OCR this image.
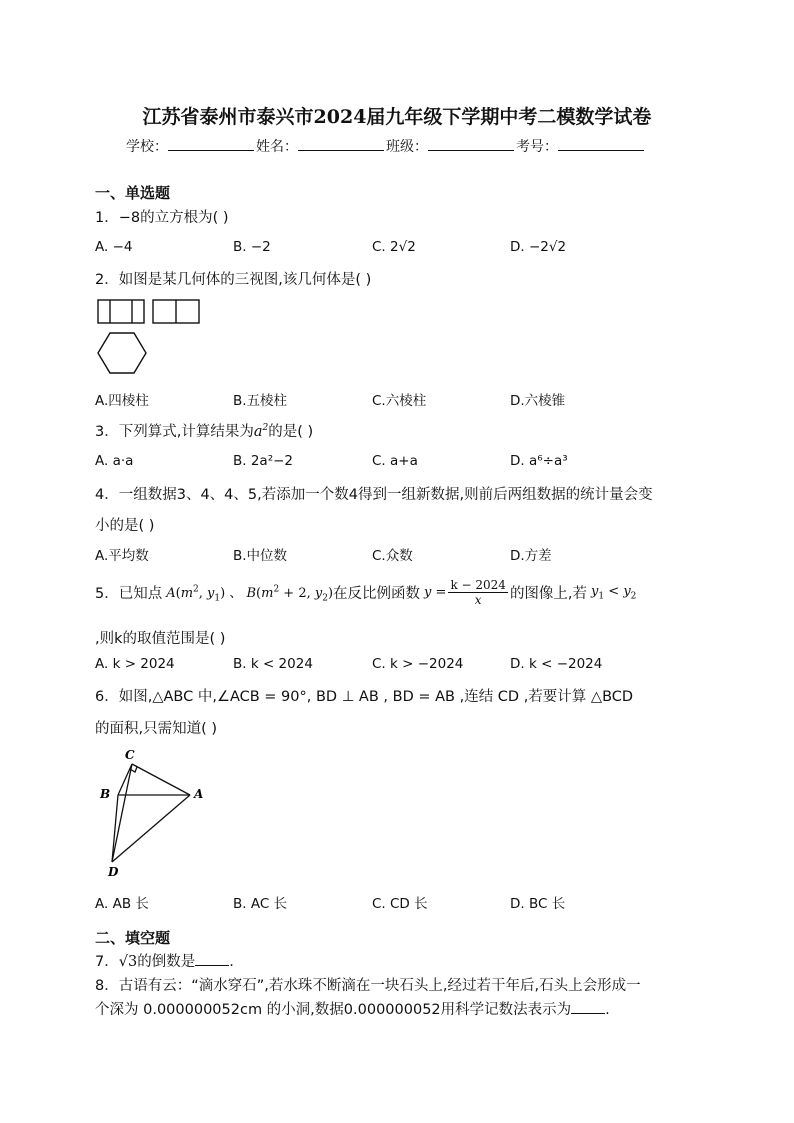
江苏省泰州市泰兴市2024届九年级下学期中考二模数学试卷
学校：	姓名：	班级：	考号：
一、单选题
1．−8的立方根为( )
A. −4	B. −2	C. 2√2	D. −2√2
2．如图是某几何体的三视图,该几何体是( )
A.四棱柱	B.五棱柱	C.六棱柱	D.六棱锥
3．下列算式,计算结果为$a^2$的是( )
A. a·a	B. 2a²−2	C. a+a	D. a⁶÷a³
4．一组数据3、4、4、5,若添加一个数4得到一组新数据,则前后两组数据的统计量会变
小的是( )
A.平均数	B.中位数	C.众数	D.方差
5． 已知点 $A(m^2$, $y_1$) 、 $B(m^2 + 2$, $y_2$) 在反比例函数 $y = \frac{k - 2024}{x}$ 的图像上,若 $y_1 < y_2$
,则k的取值范围是( )
A. k > 2024	B. k < 2024	C. k > −2024	D. k < −2024
6．如图,△ABC 中,∠ACB = 90°, BD ⊥ AB , BD = AB ,连结 CD ,若要计算 △BCD
的面积,只需知道( )
C
B	A
D
A. AB 长	B. AC 长	C. CD 长	D. BC 长
二、填空题
7．√3的倒数是 .
8．古语有云：“滴水穿石”,若水珠不断滴在一块石头上,经过若干年后,石头上会形成一
个深为 0.000000052cm 的小洞,数据0.000000052用科学记数法表示为 .
